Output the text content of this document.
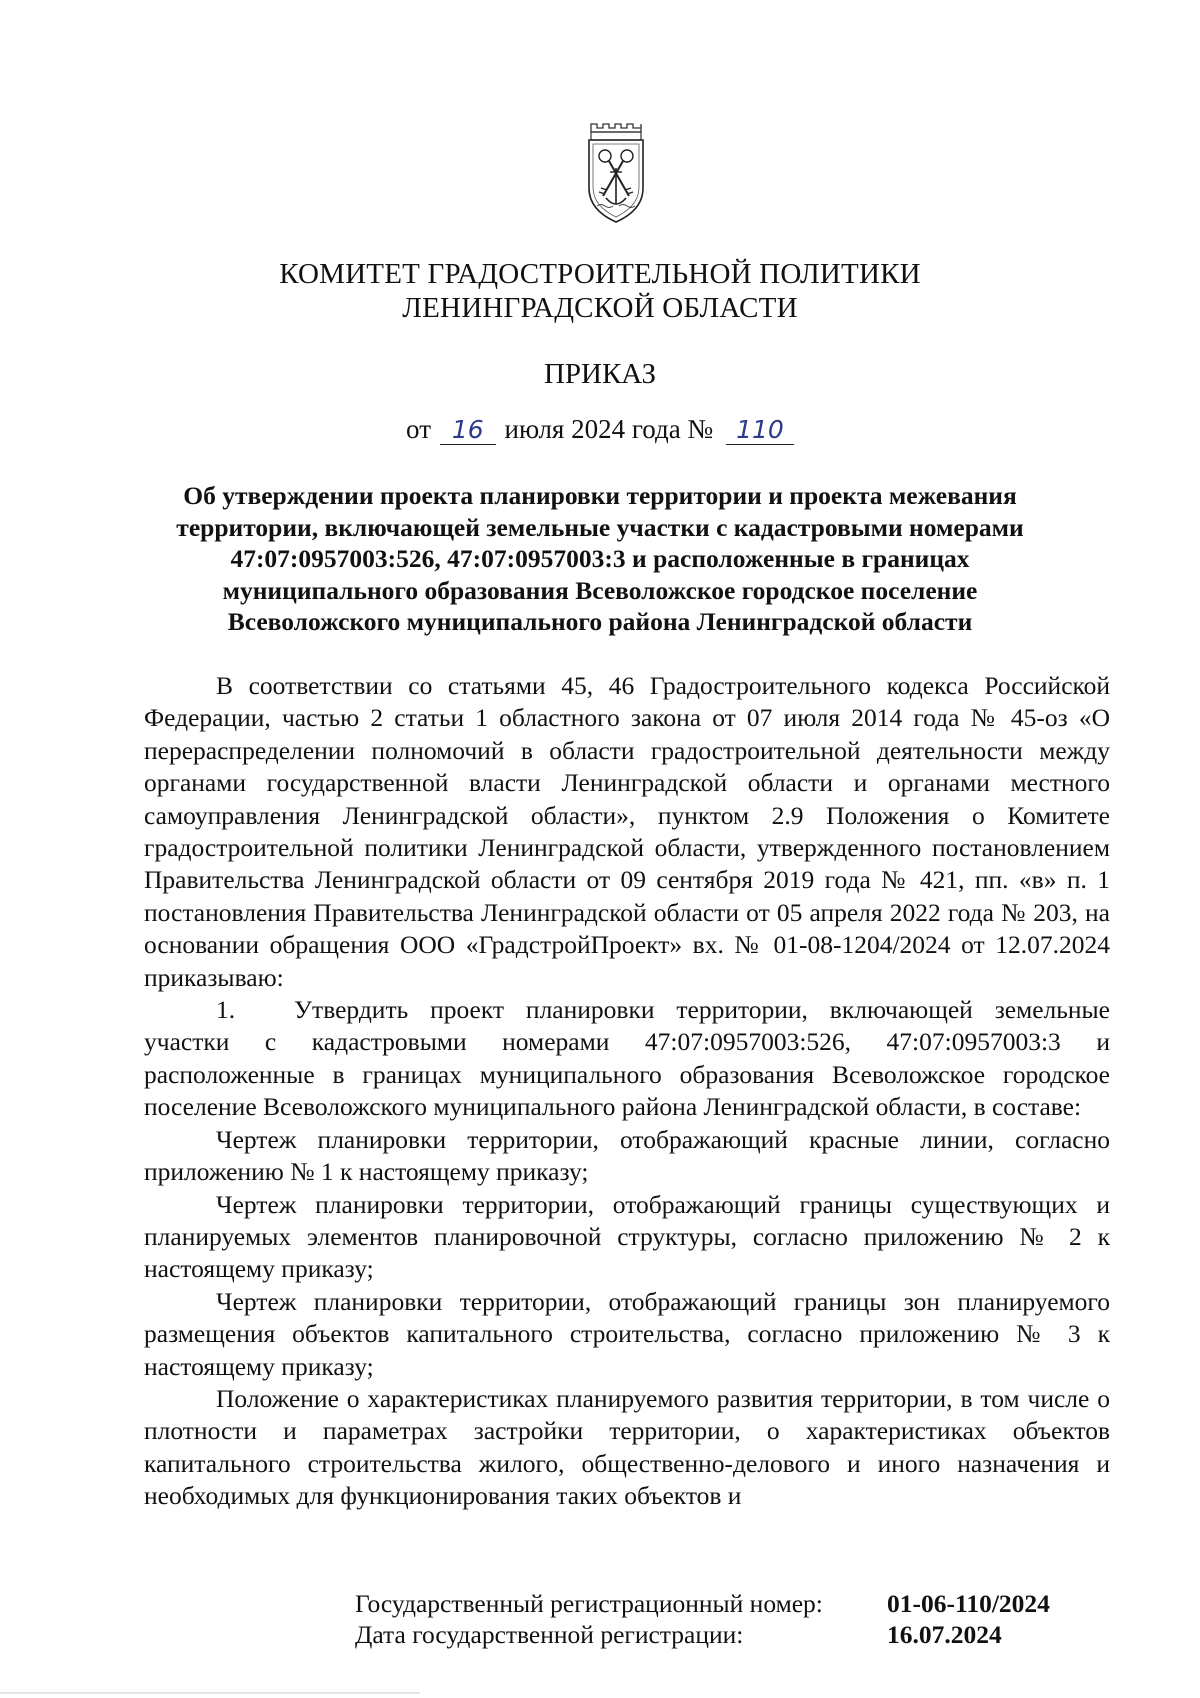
КОМИТЕТ ГРАДОСТРОИТЕЛЬНОЙ ПОЛИТИКИ
ЛЕНИНГРАДСКОЙ ОБЛАСТИ
ПРИКАЗ
от 16 июля 2024 года № 110
Об утверждении проекта планировки территории и проекта межевания территории, включающей земельные участки с кадастровыми номерами 47:07:0957003:526, 47:07:0957003:3 и расположенные в границах муниципального образования Всеволожское городское поселение Всеволожского муниципального района Ленинградской области

В соответствии со статьями 45, 46 Градостроительного кодекса Российской Федерации, частью 2 статьи 1 областного закона от 07 июля 2014 года № 45-оз «О перераспределении полномочий в области градостроительной деятельности между органами государственной власти Ленинградской области и органами местного самоуправления Ленинградской области», пунктом 2.9 Положения о Комитете градостроительной политики Ленинградской области, утвержденного постановлением Правительства Ленинградской области от 09 сентября 2019 года № 421, пп. «в» п. 1 постановления Правительства Ленинградской области от 05 апреля 2022 года № 203, на основании обращения ООО «ГрадстройПроект» вх. № 01-08-1204/2024 от 12.07.2024 приказываю:

1. Утвердить проект планировки территории, включающей земельные участки с кадастровыми номерами 47:07:0957003:526, 47:07:0957003:3 и расположенные в границах муниципального образования Всеволожское городское поселение Всеволожского муниципального района Ленинградской области, в составе:

Чертеж планировки территории, отображающий красные линии, согласно приложению № 1 к настоящему приказу;

Чертеж планировки территории, отображающий границы существующих и планируемых элементов планировочной структуры, согласно приложению № 2 к настоящему приказу;

Чертеж планировки территории, отображающий границы зон планируемого размещения объектов капитального строительства, согласно приложению № 3 к настоящему приказу;

Положение о характеристиках планируемого развития территории, в том числе о плотности и параметрах застройки территории, о характеристиках объектов капитального строительства жилого, общественно-делового и иного назначения и необходимых для функционирования таких объектов и

Государственный регистрационный номер:	01-06-110/2024
Дата государственной регистрации:	16.07.2024
